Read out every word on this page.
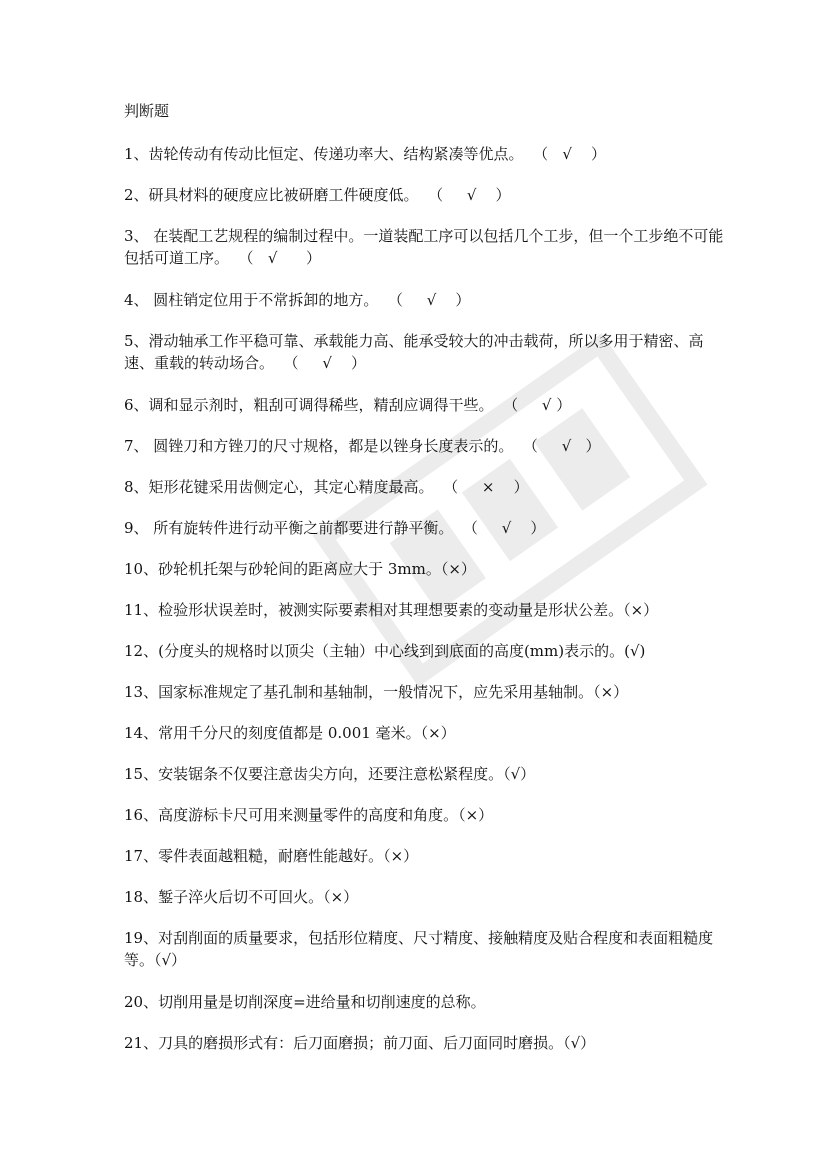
判断题
1、齿轮传动有传动比恒定、传递功率大、结构紧凑等优点。  （   √    ）
2、研具材料的硬度应比被研磨工件硬度低。  （     √    ）
3、 在装配工艺规程的编制过程中。一道装配工序可以包括几个工步，但一个工步绝不可能包括可道工序。  （   √      ）
4、 圆柱销定位用于不常拆卸的地方。  （     √    ）
5、滑动轴承工作平稳可靠、承载能力高、能承受较大的冲击载荷，所以多用于精密、高速、重载的转动场合。  （     √    ）
6、调和显示剂时，粗刮可调得稀些，精刮应调得干些。  （     √ ）
7、 圆锉刀和方锉刀的尺寸规格，都是以锉身长度表示的。  （     √   ）
8、矩形花键采用齿侧定心，其定心精度最高。  （     ×    ）
9、 所有旋转件进行动平衡之前都要进行静平衡。  （     √    ）
10、砂轮机托架与砂轮间的距离应大于 3mm。（×）
11、检验形状误差时，被测实际要素相对其理想要素的变动量是形状公差。（×）
12、(分度头的规格时以顶尖（主轴）中心线到到底面的高度(mm)表示的。(√)
13、国家标准规定了基孔制和基轴制，一般情况下，应先采用基轴制。（×）
14、常用千分尺的刻度值都是 0.001 毫米。（×）
15、安装锯条不仅要注意齿尖方向，还要注意松紧程度。（√）
16、高度游标卡尺可用来测量零件的高度和角度。（×）
17、零件表面越粗糙，耐磨性能越好。（×）
18、錾子淬火后切不可回火。（×）
19、对刮削面的质量要求，包括形位精度、尺寸精度、接触精度及贴合程度和表面粗糙度等。（√）
20、切削用量是切削深度=进给量和切削速度的总称。
21、刀具的磨损形式有：后刀面磨损；前刀面、后刀面同时磨损。（√）
